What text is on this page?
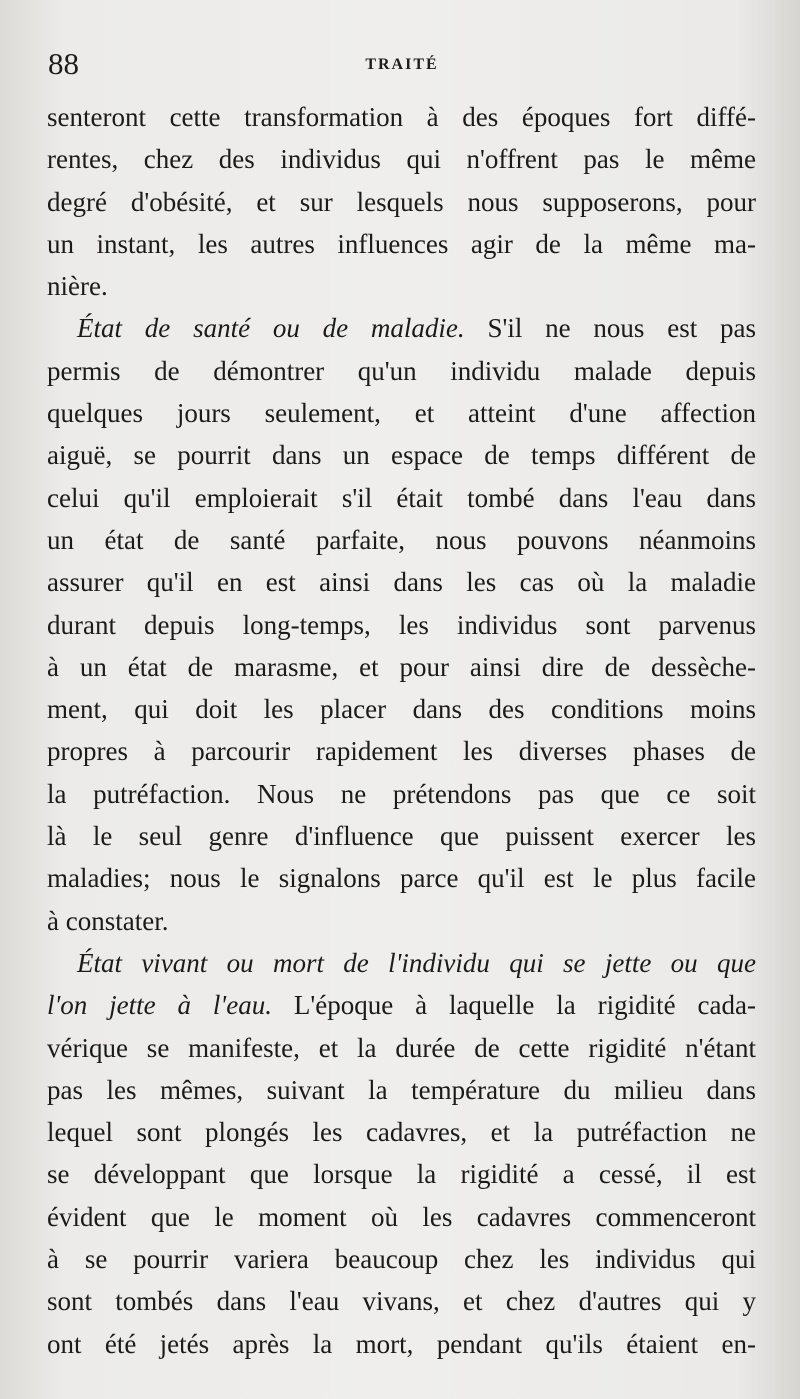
88	TRAITÉ
senteront cette transformation à des époques fort diffé-
rentes, chez des individus qui n'offrent pas le même
degré d'obésité, et sur lesquels nous supposerons, pour
un instant, les autres influences agir de la même ma-
nière.
État de santé ou de maladie. S'il ne nous est pas
permis de démontrer qu'un individu malade depuis
quelques jours seulement, et atteint d'une affection
aiguë, se pourrit dans un espace de temps différent de
celui qu'il emploierait s'il était tombé dans l'eau dans
un état de santé parfaite, nous pouvons néanmoins
assurer qu'il en est ainsi dans les cas où la maladie
durant depuis long-temps, les individus sont parvenus
à un état de marasme, et pour ainsi dire de dessèche-
ment, qui doit les placer dans des conditions moins
propres à parcourir rapidement les diverses phases de
la putréfaction. Nous ne prétendons pas que ce soit
là le seul genre d'influence que puissent exercer les
maladies; nous le signalons parce qu'il est le plus facile
à constater.
État vivant ou mort de l'individu qui se jette ou que
l'on jette à l'eau. L'époque à laquelle la rigidité cada-
vérique se manifeste, et la durée de cette rigidité n'étant
pas les mêmes, suivant la température du milieu dans
lequel sont plongés les cadavres, et la putréfaction ne
se développant que lorsque la rigidité a cessé, il est
évident que le moment où les cadavres commenceront
à se pourrir variera beaucoup chez les individus qui
sont tombés dans l'eau vivans, et chez d'autres qui y
ont été jetés après la mort, pendant qu'ils étaient en-
